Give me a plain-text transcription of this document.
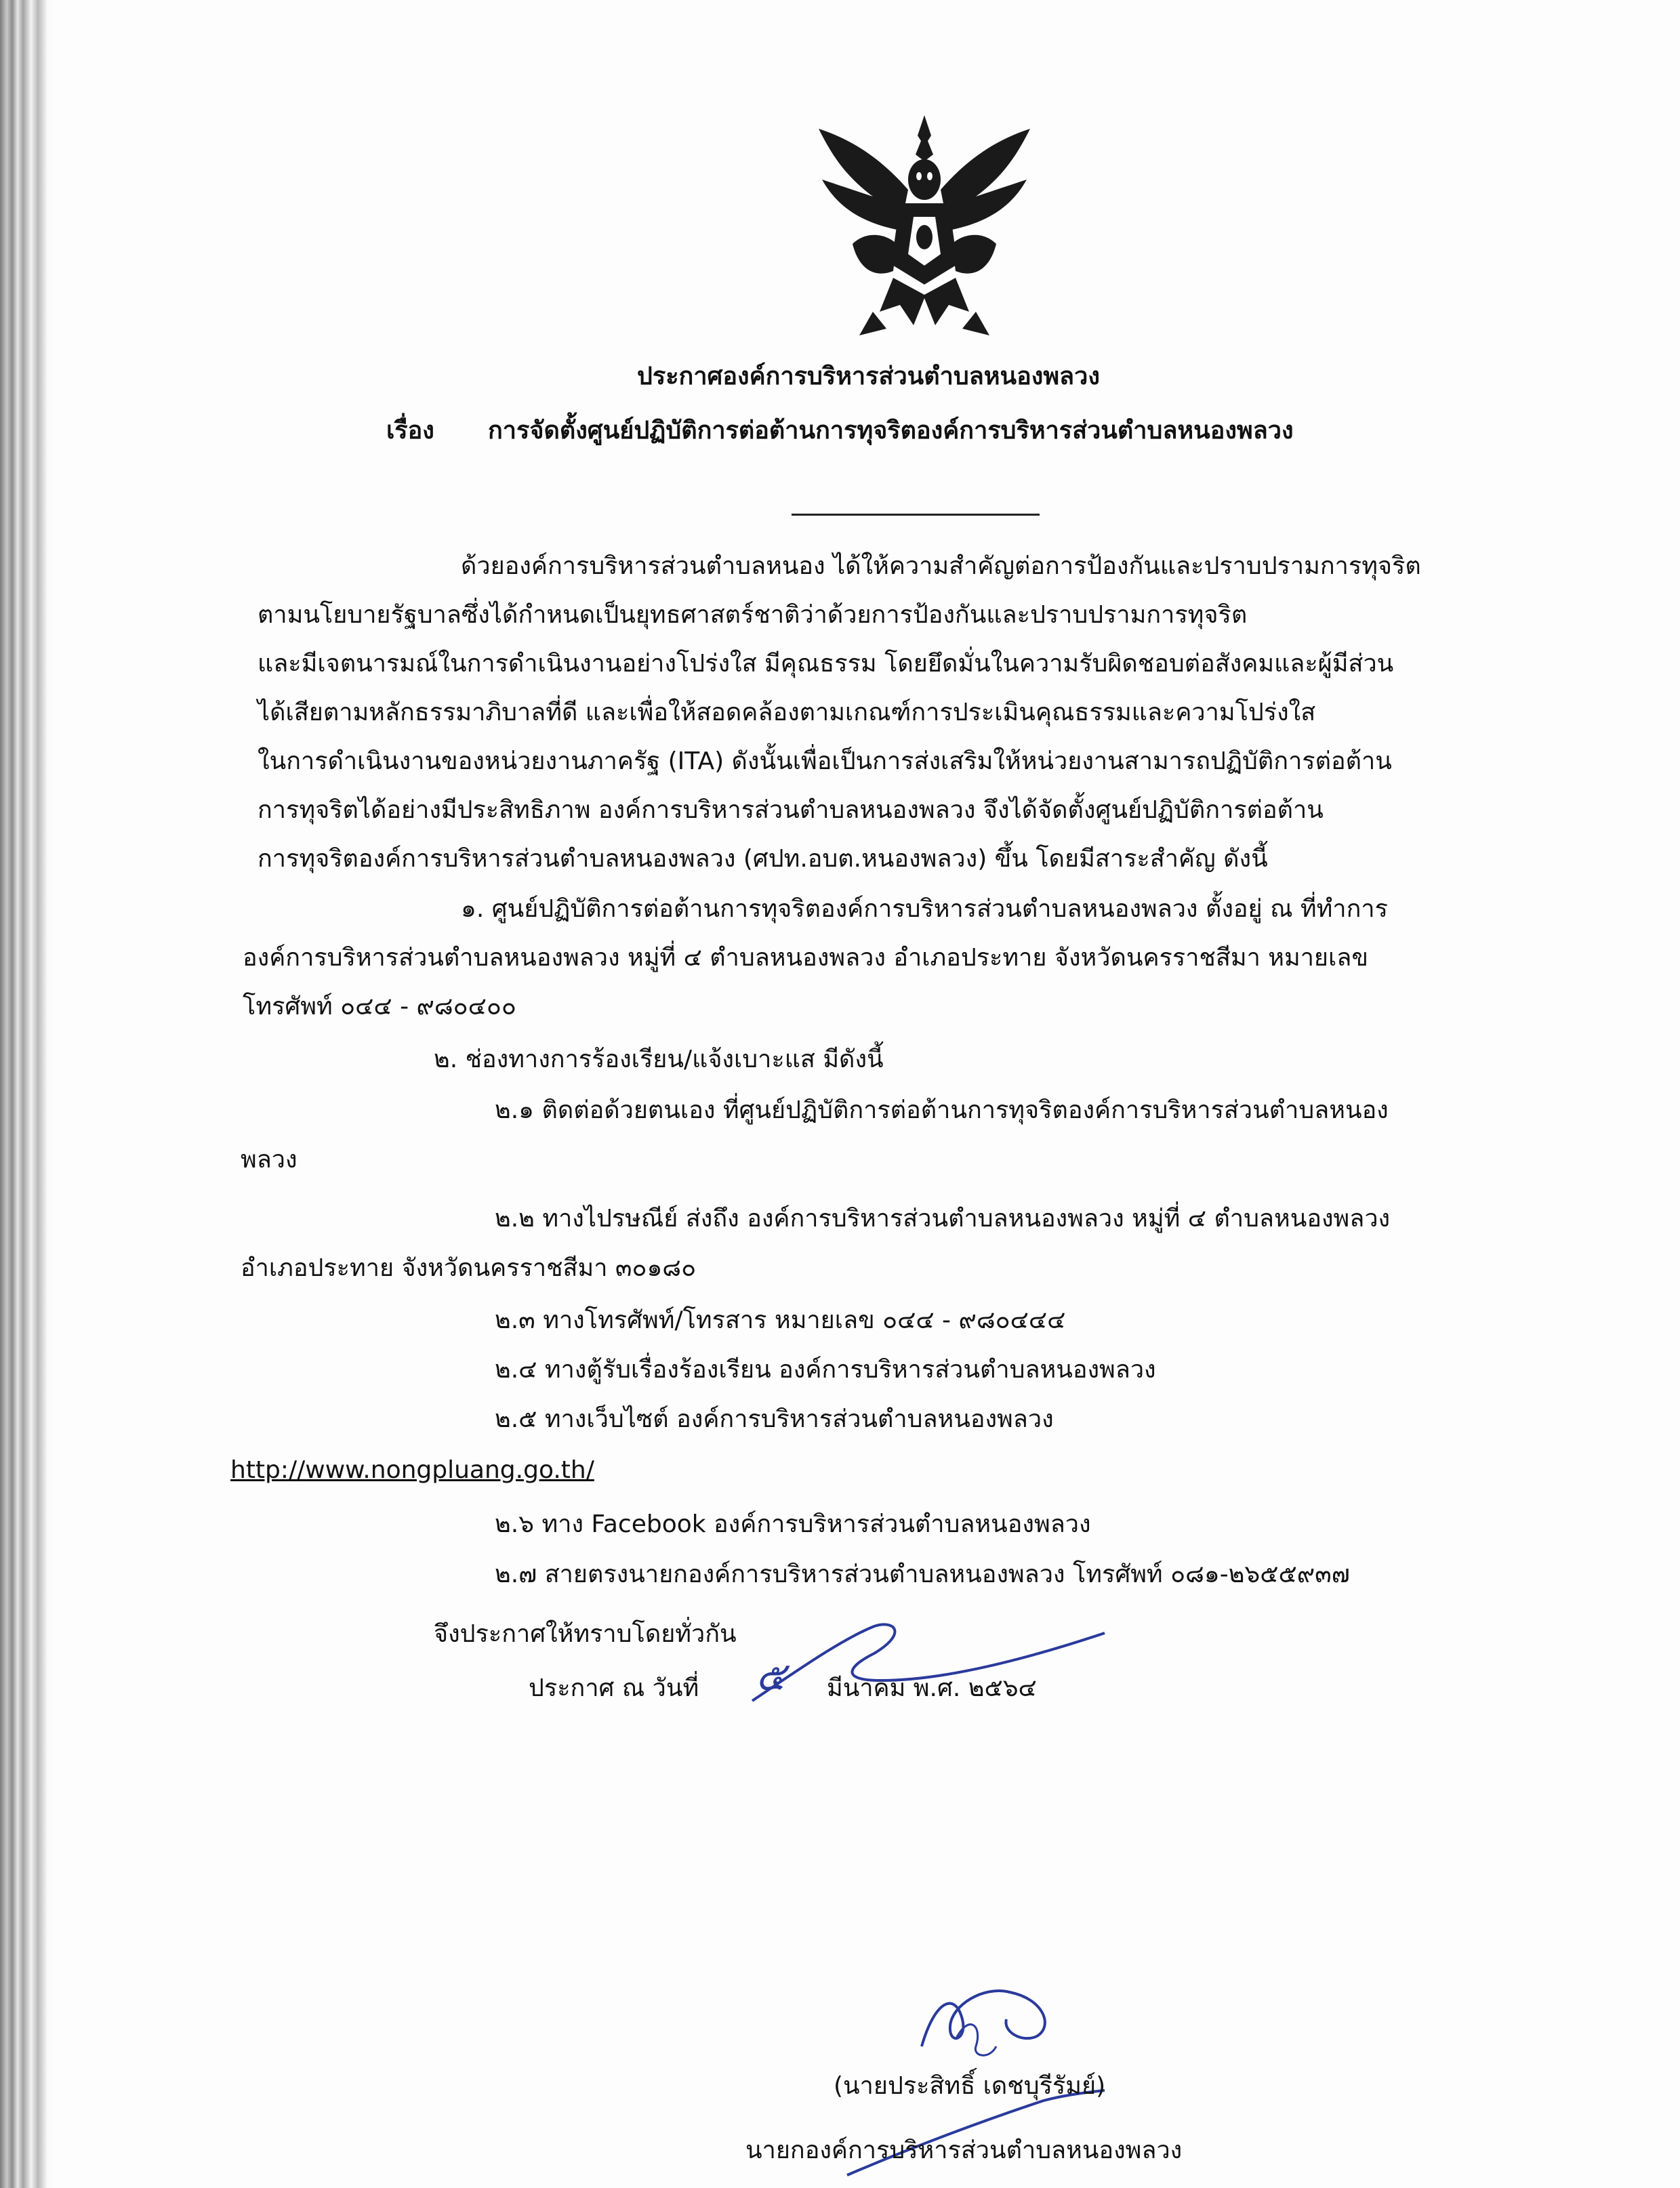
ประกาศองค์การบริหารส่วนตำบลหนองพลวง
เรื่อง การจัดตั้งศูนย์ปฏิบัติการต่อต้านการทุจริตองค์การบริหารส่วนตำบลหนองพลวง
ด้วยองค์การบริหารส่วนตำบลหนอง ได้ให้ความสำคัญต่อการป้องกันและปราบปรามการทุจริต
ตามนโยบายรัฐบาลซึ่งได้กำหนดเป็นยุทธศาสตร์ชาติว่าด้วยการป้องกันและปราบปรามการทุจริต
และมีเจตนารมณ์ในการดำเนินงานอย่างโปร่งใส มีคุณธรรม โดยยึดมั่นในความรับผิดชอบต่อสังคมและผู้มีส่วน
ได้เสียตามหลักธรรมาภิบาลที่ดี และเพื่อให้สอดคล้องตามเกณฑ์การประเมินคุณธรรมและความโปร่งใส
ในการดำเนินงานของหน่วยงานภาครัฐ (ITA) ดังนั้นเพื่อเป็นการส่งเสริมให้หน่วยงานสามารถปฏิบัติการต่อต้าน
การทุจริตได้อย่างมีประสิทธิภาพ องค์การบริหารส่วนตำบลหนองพลวง จึงได้จัดตั้งศูนย์ปฏิบัติการต่อต้าน
การทุจริตองค์การบริหารส่วนตำบลหนองพลวง (ศปท.อบต.หนองพลวง) ขึ้น โดยมีสาระสำคัญ ดังนี้
๑. ศูนย์ปฏิบัติการต่อต้านการทุจริตองค์การบริหารส่วนตำบลหนองพลวง ตั้งอยู่ ณ ที่ทำการ
องค์การบริหารส่วนตำบลหนองพลวง หมู่ที่ ๔ ตำบลหนองพลวง อำเภอประทาย จังหวัดนครราชสีมา หมายเลข
โทรศัพท์ ๐๔๔ - ๙๘๐๔๐๐
๒. ช่องทางการร้องเรียน/แจ้งเบาะแส มีดังนี้
๒.๑ ติดต่อด้วยตนเอง ที่ศูนย์ปฏิบัติการต่อต้านการทุจริตองค์การบริหารส่วนตำบลหนอง
พลวง
๒.๒ ทางไปรษณีย์ ส่งถึง องค์การบริหารส่วนตำบลหนองพลวง หมู่ที่ ๔ ตำบลหนองพลวง
อำเภอประทาย จังหวัดนครราชสีมา ๓๐๑๘๐
๒.๓ ทางโทรศัพท์/โทรสาร หมายเลข ๐๔๔ - ๙๘๐๔๔๔
๒.๔ ทางตู้รับเรื่องร้องเรียน องค์การบริหารส่วนตำบลหนองพลวง
๒.๕ ทางเว็บไซต์ องค์การบริหารส่วนตำบลหนองพลวง
http://www.nongpluang.go.th/
๒.๖ ทาง Facebook องค์การบริหารส่วนตำบลหนองพลวง
๒.๗ สายตรงนายกองค์การบริหารส่วนตำบลหนองพลวง โทรศัพท์ ๐๘๑-๒๖๕๕๙๓๗
จึงประกาศให้ทราบโดยทั่วกัน
ประกาศ ณ วันที่ ๕ มีนาคม พ.ศ. ๒๕๖๔
(นายประสิทธิ์ เดชบุรีรัมย์)
นายกองค์การบริหารส่วนตำบลหนองพลวง
